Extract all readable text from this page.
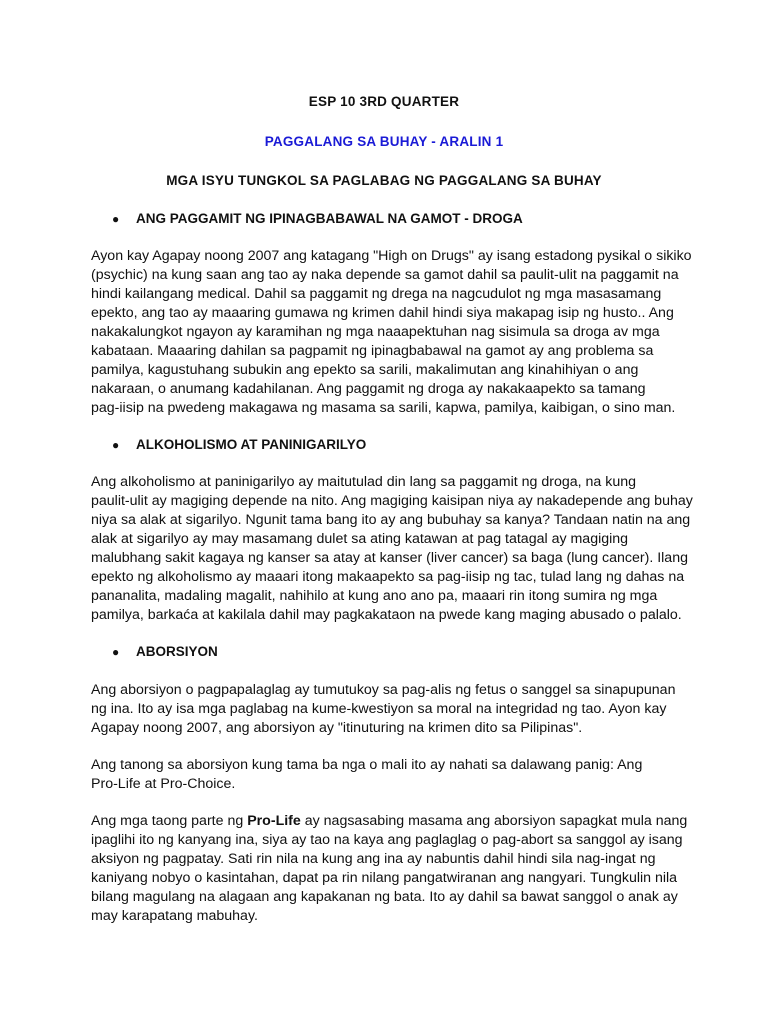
ESP 10 3RD QUARTER
PAGGALANG SA BUHAY - ARALIN 1
MGA ISYU TUNGKOL SA PAGLABAG NG PAGGALANG SA BUHAY
● ANG PAGGAMIT NG IPINAGBABAWAL NA GAMOT - DROGA

Ayon kay Agapay noong 2007 ang katagang "High on Drugs" ay isang estadong pysikal o sikiko
(psychic) na kung saan ang tao ay naka depende sa gamot dahil sa paulit-ulit na paggamit na
hindi kailangang medical. Dahil sa paggamit ng drega na nagcudulot ng mga masasamang
epekto, ang tao ay maaaring gumawa ng krimen dahil hindi siya makapag isip ng husto.. Ang
nakakalungkot ngayon ay karamihan ng mga naaapektuhan nag sisimula sa droga av mga
kabataan. Maaaring dahilan sa pagpamit ng ipinagbabawal na gamot ay ang problema sa
pamilya, kagustuhang subukin ang epekto sa sarili, makalimutan ang kinahihiyan o ang
nakaraan, o anumang kadahilanan. Ang paggamit ng droga ay nakakaapekto sa tamang
pag-iisip na pwedeng makagawa ng masama sa sarili, kapwa, pamilya, kaibigan, o sino man.

● ALKOHOLISMO AT PANINIGARILYO

Ang alkoholismo at paninigarilyo ay maitutulad din lang sa paggamit ng droga, na kung
paulit-ulit ay magiging depende na nito. Ang magiging kaisipan niya ay nakadepende ang buhay
niya sa alak at sigarilyo. Ngunit tama bang ito ay ang bubuhay sa kanya? Tandaan natin na ang
alak at sigarilyo ay may masamang dulet sa ating katawan at pag tatagal ay magiging
malubhang sakit kagaya ng kanser sa atay at kanser (liver cancer) sa baga (lung cancer). Ilang
epekto ng alkoholismo ay maaari itong makaapekto sa pag-iisip ng tac, tulad lang ng dahas na
pananalita, madaling magalit, nahihilo at kung ano ano pa, maaari rin itong sumira ng mga
pamilya, barkaća at kakilala dahil may pagkakataon na pwede kang maging abusado o palalo.

● ABORSIYON

Ang aborsiyon o pagpapalaglag ay tumutukoy sa pag-alis ng fetus o sanggel sa sinapupunan
ng ina. Ito ay isa mga paglabag na kume-kwestiyon sa moral na integridad ng tao. Ayon kay
Agapay noong 2007, ang aborsiyon ay "itinuturing na krimen dito sa Pilipinas".

Ang tanong sa aborsiyon kung tama ba nga o mali ito ay nahati sa dalawang panig: Ang
Pro-Life at Pro-Choice.

Ang mga taong parte ng Pro-Life ay nagsasabing masama ang aborsiyon sapagkat mula nang
ipaglihi ito ng kanyang ina, siya ay tao na kaya ang paglaglag o pag-abort sa sanggol ay isang
aksiyon ng pagpatay. Sati rin nila na kung ang ina ay nabuntis dahil hindi sila nag-ingat ng
kaniyang nobyo o kasintahan, dapat pa rin nilang pangatwiranan ang nangyari. Tungkulin nila
bilang magulang na alagaan ang kapakanan ng bata. Ito ay dahil sa bawat sanggol o anak ay
may karapatang mabuhay.
